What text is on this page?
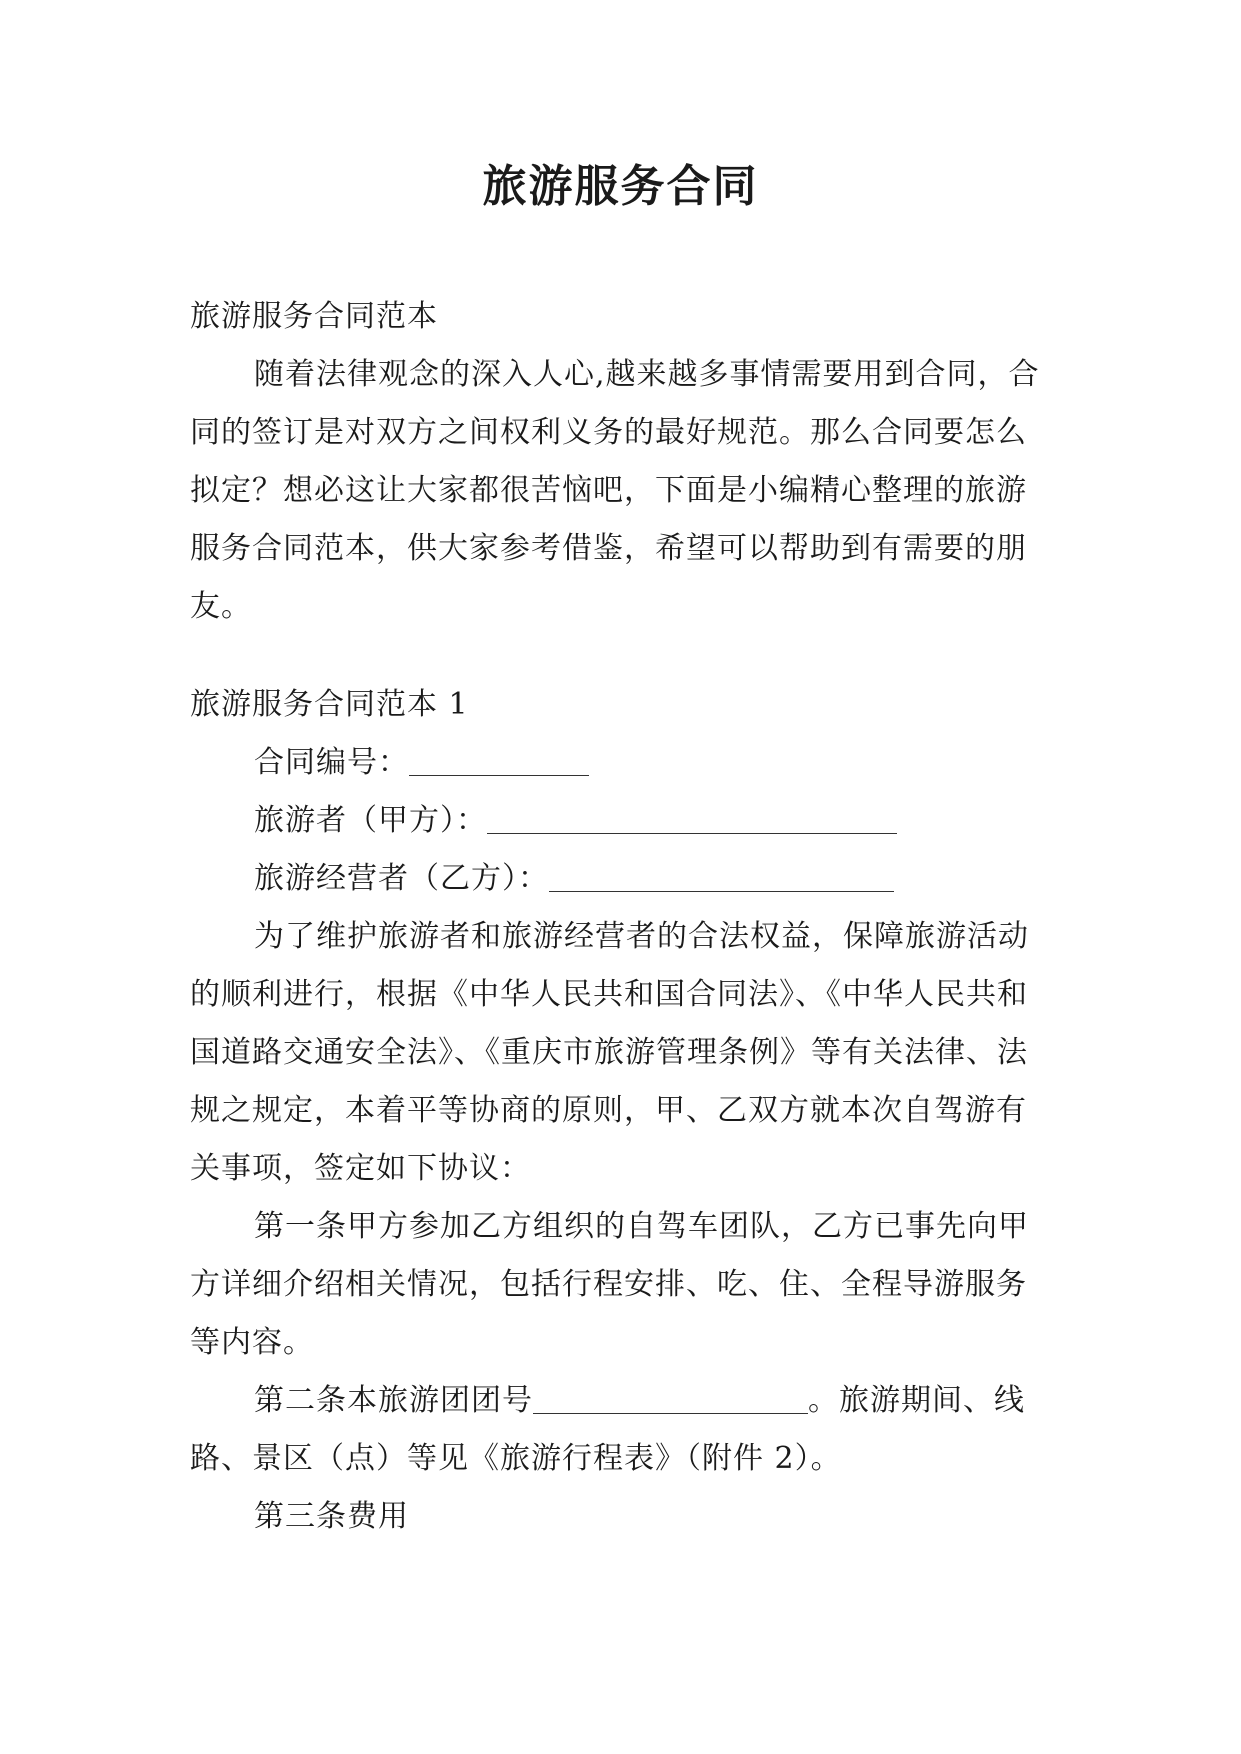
旅游服务合同

旅游服务合同范本

随着法律观念的深入人心,越来越多事情需要用到合同，合同的签订是对双方之间权利义务的最好规范。那么合同要怎么拟定？想必这让大家都很苦恼吧，下面是小编精心整理的旅游服务合同范本，供大家参考借鉴，希望可以帮助到有需要的朋友。

旅游服务合同范本 1

合同编号：

旅游者（甲方）：

旅游经营者（乙方）：

为了维护旅游者和旅游经营者的合法权益，保障旅游活动的顺利进行，根据《中华人民共和国合同法》、《中华人民共和国道路交通安全法》、《重庆市旅游管理条例》等有关法律、法规之规定，本着平等协商的原则，甲、乙双方就本次自驾游有关事项，签定如下协议：

第一条甲方参加乙方组织的自驾车团队，乙方已事先向甲方详细介绍相关情况，包括行程安排、吃、住、全程导游服务等内容。

第二条本旅游团团号	。旅游期间、线路、景区（点）等见《旅游行程表》（附件 2）。

第三条费用
